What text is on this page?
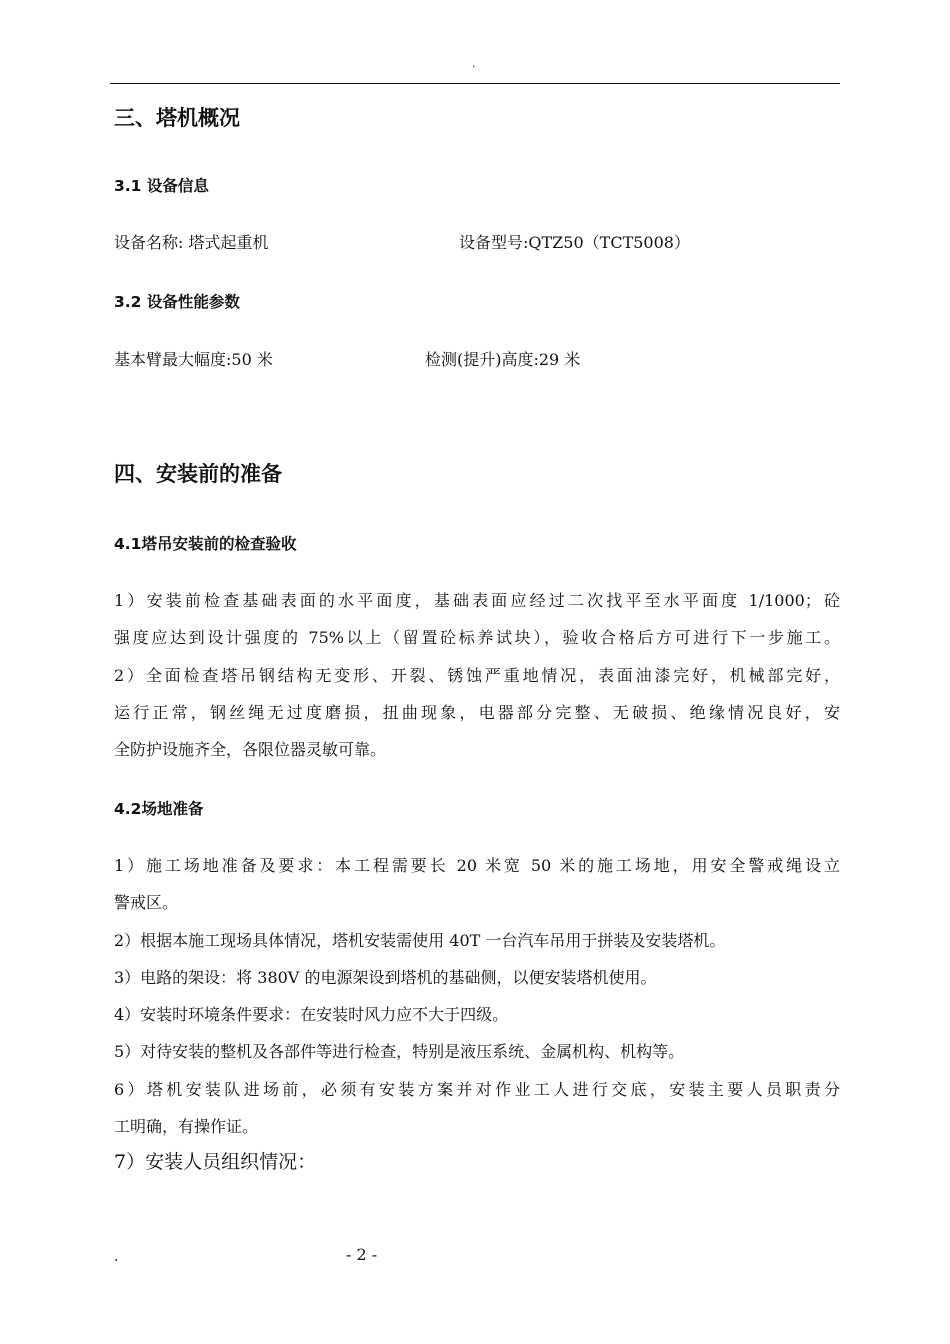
.
三、塔机概况
3.1 设备信息
设备名称: 塔式起重机	设备型号:QTZ50（TCT5008）
3.2 设备性能参数
基本臂最大幅度:50 米	检测(提升)高度:29 米
四、安装前的准备
4.1塔吊安装前的检查验收
1）安装前检查基础表面的水平面度，基础表面应经过二次找平至水平面度 1/1000；砼
强度应达到设计强度的 75%以上（留置砼标养试块），验收合格后方可进行下一步施工。
2）全面检查塔吊钢结构无变形、开裂、锈蚀严重地情况，表面油漆完好，机械部完好，
运行正常，钢丝绳无过度磨损，扭曲现象，电器部分完整、无破损、绝缘情况良好，安
全防护设施齐全，各限位器灵敏可靠。
4.2场地准备
1）施工场地准备及要求：本工程需要长 20 米宽 50 米的施工场地，用安全警戒绳设立
警戒区。
2）根据本施工现场具体情况，塔机安装需使用 40T 一台汽车吊用于拼装及安装塔机。
3）电路的架设：将 380V 的电源架设到塔机的基础侧，以便安装塔机使用。
4）安装时环境条件要求：在安装时风力应不大于四级。
5）对待安装的整机及各部件等进行检查，特别是液压系统、金属机构、机构等。
6）塔机安装队进场前，必须有安装方案并对作业工人进行交底，安装主要人员职责分
工明确，有操作证。
7）安装人员组织情况：
.	- 2 -
